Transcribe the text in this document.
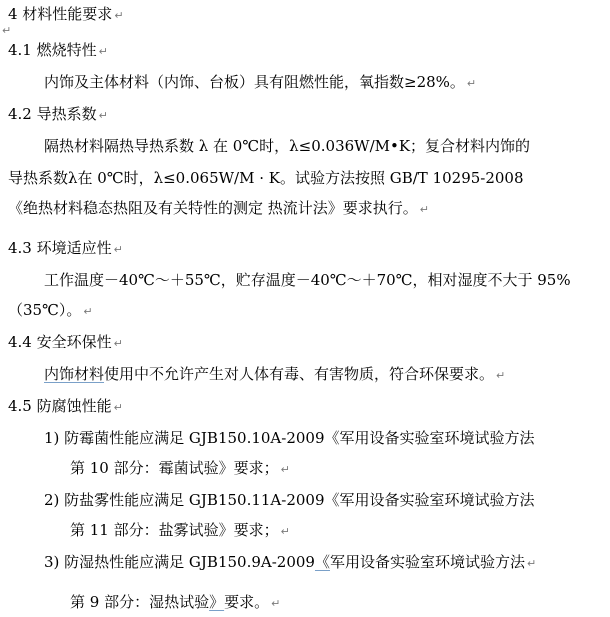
4 材料性能要求 ↵
↵
4.1 燃烧特性 ↵
内饰及主体材料（内饰、台板）具有阻燃性能，氧指数≥28%。 ↵
4.2 导热系数 ↵
隔热材料隔热导热系数 λ 在 0℃时，λ≤0.036W/M•K；复合材料内饰的
导热系数λ在 0℃时，λ≤0.065W/M · K。试验方法按照 GB/T 10295-2008
《绝热材料稳态热阻及有关特性的测定 热流计法》要求执行。 ↵
4.3 环境适应性 ↵
工作温度－40℃～＋55℃，贮存温度－40℃～＋70℃，相对湿度不大于 95%
（35℃）。 ↵
4.4 安全环保性 ↵
内饰材料使用中不允许产生对人体有毒、有害物质，符合环保要求。 ↵
4.5 防腐蚀性能 ↵
1) 防霉菌性能应满足 GJB150.10A-2009《军用设备实验室环境试验方法
第 10 部分：霉菌试验》要求； ↵
2) 防盐雾性能应满足 GJB150.11A-2009《军用设备实验室环境试验方法
第 11 部分：盐雾试验》要求； ↵
3) 防湿热性能应满足 GJB150.9A-2009《军用设备实验室环境试验方法 ↵
第 9 部分：湿热试验》要求。 ↵
